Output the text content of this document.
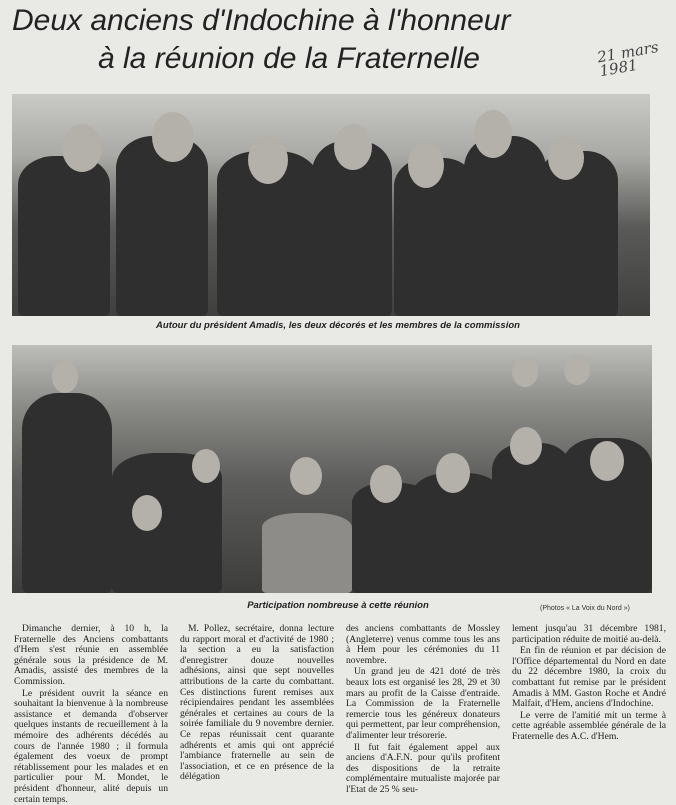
Deux anciens d'Indochine à l'honneur
à la réunion de la Fraternelle	21 mars 1981
Autour du président Amadis, les deux décorés et les membres de la commission
Participation nombreuse à cette réunion	(Photos « La Voix du Nord »)

Dimanche dernier, à 10 h, la Fraternelle des Anciens combattants d'Hem s'est réunie en assemblée générale sous la présidence de M. Amadis, assisté des membres de la Commission.

Le président ouvrit la séance en souhaitant la bienvenue à la nombreuse assistance et demanda d'observer quelques instants de recueillement à la mémoire des adhérents décédés au cours de l'année 1980 ; il formula également des voeux de prompt rétablissement pour les malades et en particulier pour M. Mondet, le président d'honneur, alité depuis un certain temps.

M. Pollez, secrétaire, donna lecture du rapport moral et d'activité de 1980 ; la section a eu la satisfaction d'enregistrer douze nouvelles adhésions, ainsi que sept nouvelles attributions de la carte du combattant. Ces distinctions furent remises aux récipiendaires pendant les assemblées générales et certaines au cours de la soirée familiale du 9 novembre dernier. Ce repas réunissait cent quarante adhérents et amis qui ont apprécié l'ambiance fraternelle au sein de l'association, et ce en présence de la délégation

des anciens combattants de Mossley (Angleterre) venus comme tous les ans à Hem pour les cérémonies du 11 novembre.

Un grand jeu de 421 doté de très beaux lots est organisé les 28, 29 et 30 mars au profit de la Caisse d'entraide. La Commission de la Fraternelle remercie tous les généreux donateurs qui permettent, par leur compréhension, d'alimenter leur trésorerie.

Il fut fait également appel aux anciens d'A.F.N. pour qu'ils profitent des dispositions de la retraite complémentaire mutualiste majorée par l'Etat de 25 % seu-

lement jusqu'au 31 décembre 1981, participation réduite de moitié au-delà.

En fin de réunion et par décision de l'Office départemental du Nord en date du 22 décembre 1980, la croix du combattant fut remise par le président Amadis à MM. Gaston Roche et André Malfait, d'Hem, anciens d'Indochine.

Le verre de l'amitié mit un terme à cette agréable assemblée générale de la Fraternelle des A.C. d'Hem.
